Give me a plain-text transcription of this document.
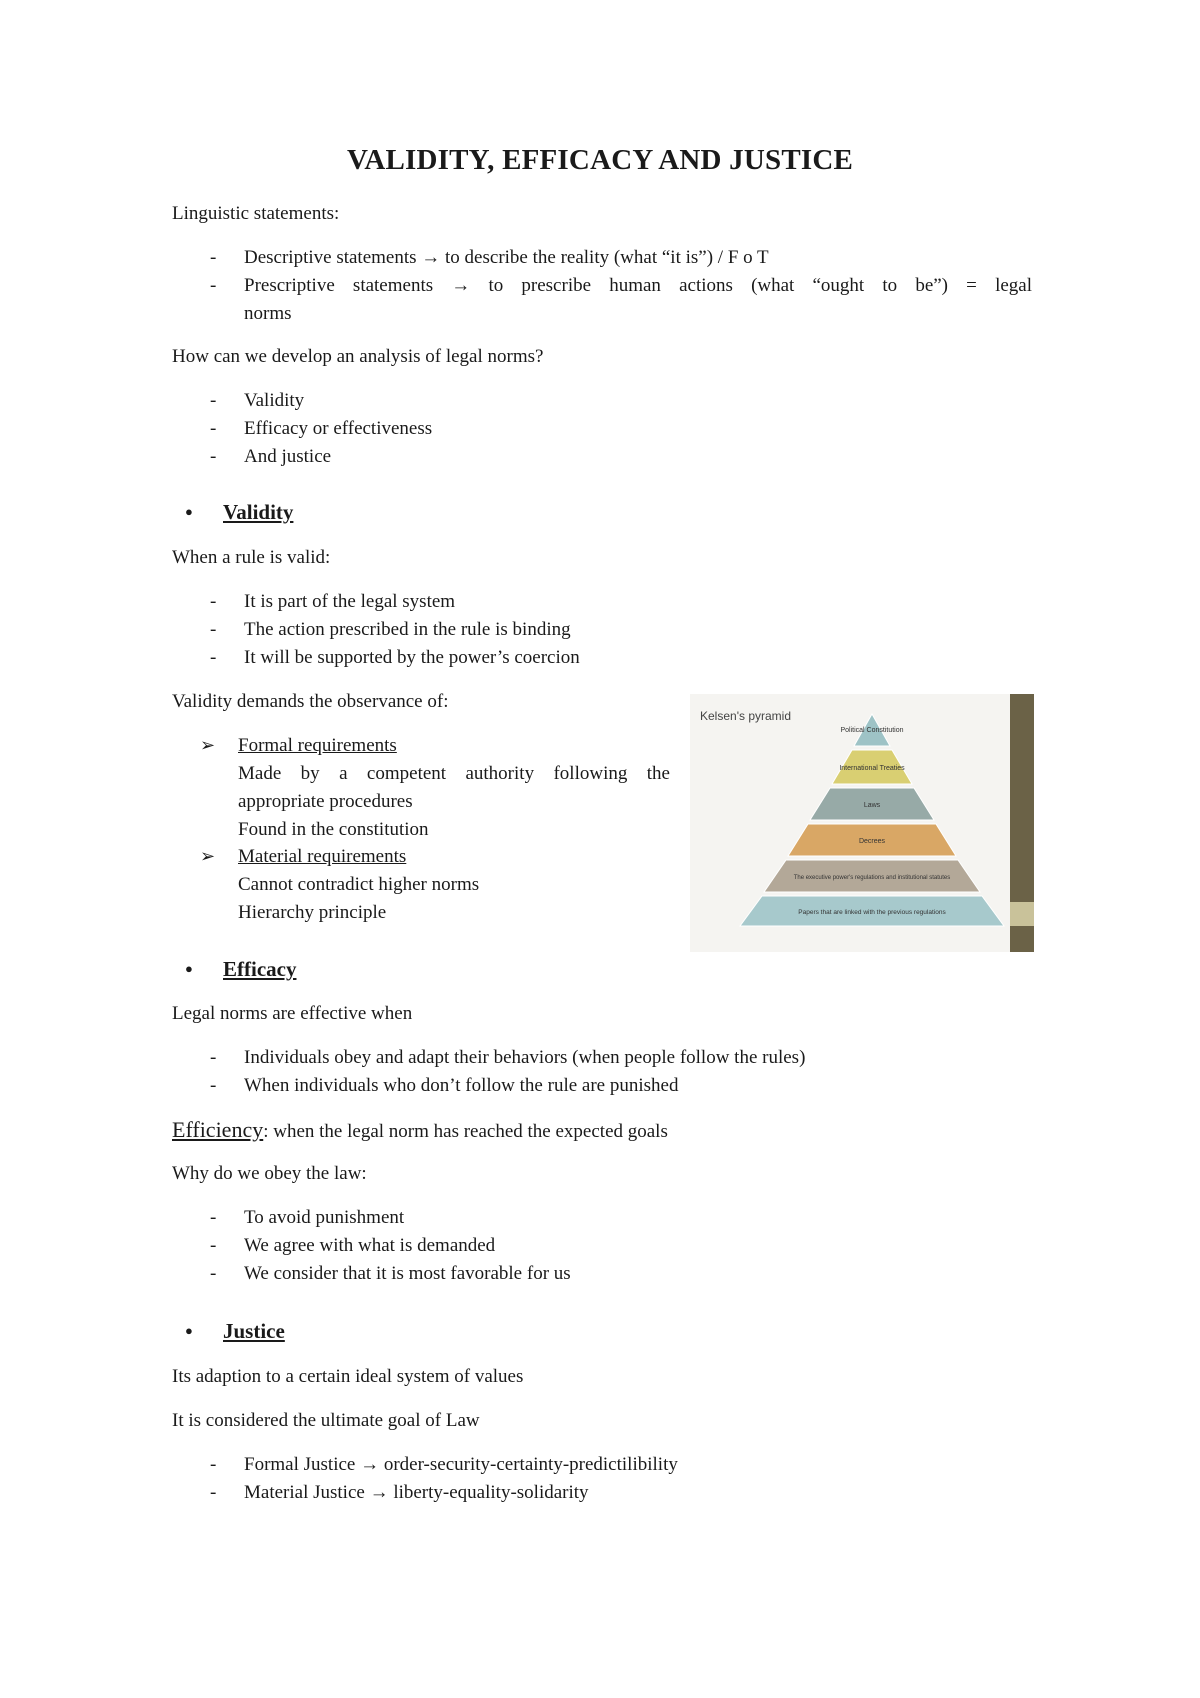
VALIDITY, EFFICACY AND JUSTICE
Linguistic statements:
- Descriptive statements → to describe the reality (what “it is”) / F o T
- Prescriptive statements → to prescribe human actions (what “ought to be”) = legal
norms
How can we develop an analysis of legal norms?
- Validity
- Efficacy or effectiveness
- And justice
● Validity
When a rule is valid:
- It is part of the legal system
- The action prescribed in the rule is binding
- It will be supported by the power’s coercion
Validity demands the observance of:
➢ Formal requirements
Made by a competent authority following the
appropriate procedures
Found in the constitution
➢ Material requirements
Cannot contradict higher norms
Hierarchy principle
Kelsen's pyramid
Political Constitution
International Treaties
Laws
Decrees
The executive power's regulations and institutional statutes
Papers that are linked with the previous regulations
● Efficacy
Legal norms are effective when
- Individuals obey and adapt their behaviors (when people follow the rules)
- When individuals who don’t follow the rule are punished
Efficiency: when the legal norm has reached the expected goals
Why do we obey the law:
- To avoid punishment
- We agree with what is demanded
- We consider that it is most favorable for us
● Justice
Its adaption to a certain ideal system of values
It is considered the ultimate goal of Law
- Formal Justice → order-security-certainty-predictilibility
- Material Justice → liberty-equality-solidarity
